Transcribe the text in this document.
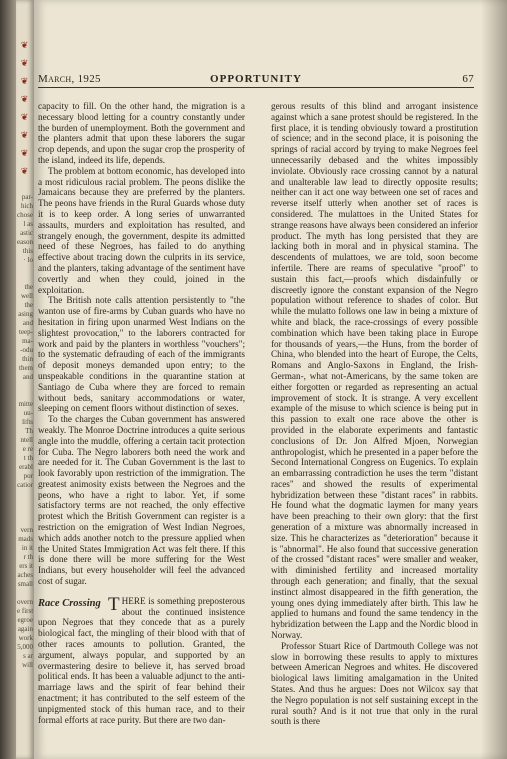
par-
hich
chose
l as
astic
eason
this
· lo
the
well
the
asing
and
teep-
ma-
-odu
thin
them
and
mitte
uu-
lifts
Th
ntell
e re
t th
erabl
por
catior
vern
mads
in it
r th
ers it
aches
overn
e first
egroe
again
work
5,000
s ar
will
small
❦
❦
❦
❦
❦
❦
❦
❦
March, 1925	OPPORTUNITY	67

capacity to fill. On the other hand, the migration is a necessary blood letting for a country constantly under the burden of unemployment. Both the government and the planters admit that upon these laborers the sugar crop depends, and upon the sugar crop the prosperity of the island, indeed its life, depends.

The problem at bottom economic, has developed into a most ridiculous racial problem. The peons dislike the Jamaicans because they are preferred by the planters. The peons have friends in the Rural Guards whose duty it is to keep order. A long series of unwarranted assaults, murders and exploitation has resulted, and strangely enough, the government, despite its admitted need of these Negroes, has failed to do anything effective about tracing down the culprits in its service, and the planters, taking advantage of the sentiment have covertly and when they could, joined in the exploitation.

The British note calls attention persistently to "the wanton use of fire-arms by Cuban guards who have no hesitation in firing upon unarmed West Indians on the slightest provocation," to the laborers contracted for work and paid by the planters in worthless "vouchers"; to the systematic defrauding of each of the immigrants of deposit moneys demanded upon entry; to the unspeakable conditions in the quarantine station at Santiago de Cuba where they are forced to remain without beds, sanitary accommodations or water, sleeping on cement floors without distinction of sexes.

To the charges the Cuban government has answered weakly. The Monroe Doctrine introduces a quite serious angle into the muddle, offering a certain tacit protection for Cuba. The Negro laborers both need the work and are needed for it. The Cuban Government is the last to look favorably upon restriction of the immigration. The greatest animosity exists between the Negroes and the peons, who have a right to labor. Yet, if some satisfactory terms are not reached, the only effective protest which the British Government can register is a restriction on the emigration of West Indian Negroes, which adds another notch to the pressure applied when the United States Immigration Act was felt there. If this is done there will be more suffering for the West Indians, but every householder will feel the advanced cost of sugar.

Race Crossing THERE is something preposterous about the continued insistence upon Negroes that they concede that as a purely biological fact, the mingling of their blood with that of other races amounts to pollution. Granted, the argument, always popular, and supported by an overmastering desire to believe it, has served broad political ends. It has been a valuable adjunct to the anti-marriage laws and the spirit of fear behind their enactment; it has contributed to the self esteem of the unpigmented stock of this human race, and to their formal efforts at race purity. But there are two dan-

gerous results of this blind and arrogant insistence against which a sane protest should be registered. In the first place, it is tending obviously toward a prostitution of science; and in the second place, it is poisoning the springs of racial accord by trying to make Negroes feel unnecessarily debased and the whites impossibly inviolate. Obviously race crossing cannot by a natural and unalterable law lead to directly opposite results; neither can it act one way between one set of races and reverse itself utterly when another set of races is considered. The mulattoes in the United States for strange reasons have always been considered an inferior product. The myth has long persisted that they are lacking both in moral and in physical stamina. The descendents of mulattoes, we are told, soon become infertile. There are reams of speculative "proof" to sustain this fact,—proofs which disdainfully or discreetly ignore the constant expansion of the Negro population without reference to shades of color. But while the mulatto follows one law in being a mixture of white and black, the race-crossings of every possible combination which have been taking place in Europe for thousands of years,—the Huns, from the border of China, who blended into the heart of Europe, the Celts, Romans and Anglo-Saxons in England, the Irish-German-, what not-Americans, by the same token are either forgotten or regarded as representing an actual improvement of stock. It is strange. A very excellent example of the misuse to which science is being put in this passion to exalt one race above the other is provided in the elaborate experiments and fantastic conclusions of Dr. Jon Alfred Mjoen, Norwegian anthropologist, which he presented in a paper before the Second International Congress on Eugenics. To explain an embarrassing contradiction he uses the term "distant races" and showed the results of experimental hybridization between these "distant races" in rabbits. He found what the dogmatic laymen for many years have been preaching to their own glory: that the first generation of a mixture was abnormally increased in size. This he characterizes as "deterioration" because it is "abnormal". He also found that successive generation of the crossed "distant races" were smaller and weaker, with diminished fertility and increased mortality through each generation; and finally, that the sexual instinct almost disappeared in the fifth generation, the young ones dying immediately after birth. This law he applied to humans and found the same tendency in the hybridization between the Lapp and the Nordic blood in Norway.

Professor Stuart Rice of Dartmouth College was not slow in borrowing these results to apply to mixtures between American Negroes and whites. He discovered biological laws limiting amalgamation in the United States. And thus he argues: Does not Wilcox say that the Negro population is not self sustaining except in the rural south? And is it not true that only in the rural south is there
